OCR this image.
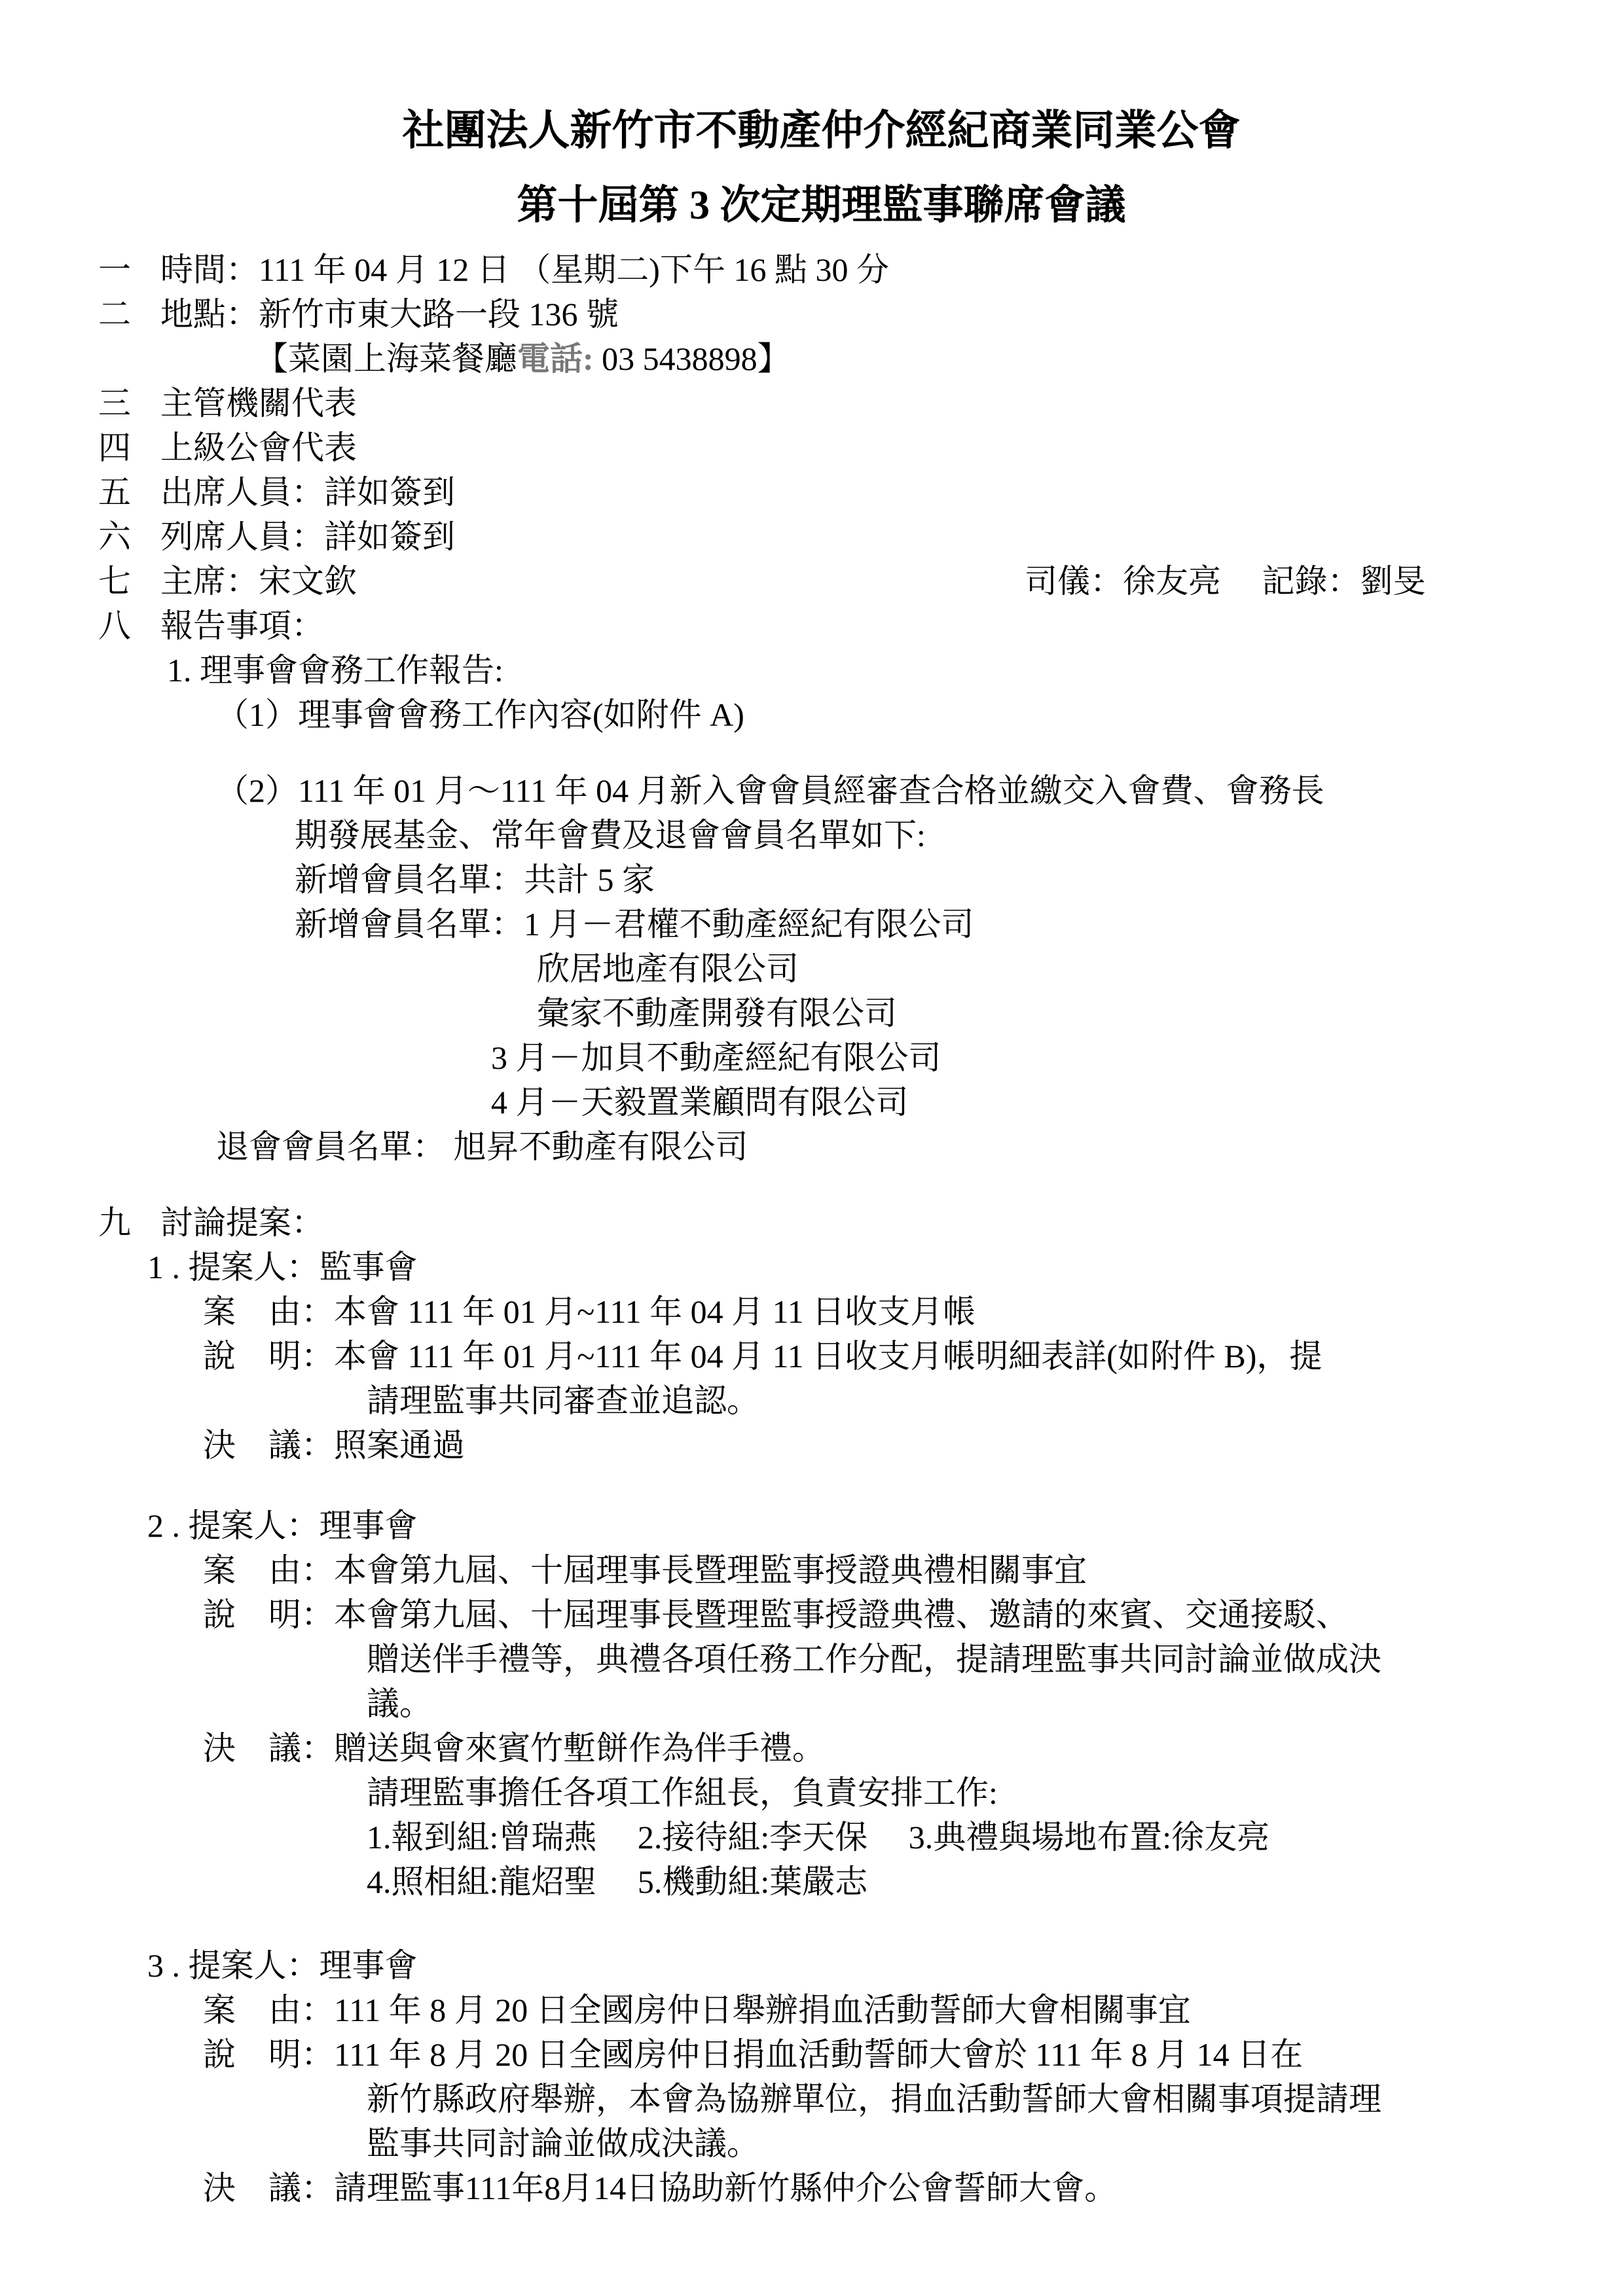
社團法人新竹市不動產仲介經紀商業同業公會
第十屆第 3 次定期理監事聯席會議
一 時間：111 年 04 月 12 日 （星期二)下午 16 點 30 分
二 地點：新竹市東大路一段 136 號
【菜園上海菜餐廳電話: 03 5438898】
三 主管機關代表
四 上級公會代表
五 出席人員：詳如簽到
六 列席人員：詳如簽到
七 主席：宋文欽	司儀：徐友亮　 記錄：劉旻
八 報告事項：
1. 理事會會務工作報告:
（1）理事會會務工作內容(如附件 A)
（2）111 年 01 月～111 年 04 月新入會會員經審查合格並繳交入會費、會務長
期發展基金、常年會費及退會會員名單如下:
新增會員名單：共計 5 家
新增會員名單：1 月－君權不動產經紀有限公司
欣居地產有限公司
彙家不動產開發有限公司
3 月－加貝不動產經紀有限公司
4 月－天毅置業顧問有限公司
退會會員名單： 旭昇不動產有限公司
九 討論提案：
1 . 提案人：監事會
案　由：本會 111 年 01 月~111 年 04 月 11 日收支月帳
說　明：本會 111 年 01 月~111 年 04 月 11 日收支月帳明細表詳(如附件 B)，提
請理監事共同審查並追認。
決　議：照案通過
2 . 提案人：理事會
案　由：本會第九屆、十屆理事長暨理監事授證典禮相關事宜
說　明：本會第九屆、十屆理事長暨理監事授證典禮、邀請的來賓、交通接駁、
贈送伴手禮等，典禮各項任務工作分配，提請理監事共同討論並做成決
議。
決　議：贈送與會來賓竹塹餅作為伴手禮。
請理監事擔任各項工作組長，負責安排工作:
1.報到組:曾瑞燕　 2.接待組:李天保　 3.典禮與場地布置:徐友亮
4.照相組:龍炤聖　 5.機動組:葉嚴志
3 . 提案人：理事會
案　由：111 年 8 月 20 日全國房仲日舉辦捐血活動誓師大會相關事宜
說　明：111 年 8 月 20 日全國房仲日捐血活動誓師大會於 111 年 8 月 14 日在
新竹縣政府舉辦，本會為協辦單位，捐血活動誓師大會相關事項提請理
監事共同討論並做成決議。
決　議：請理監事111年8月14日協助新竹縣仲介公會誓師大會。
